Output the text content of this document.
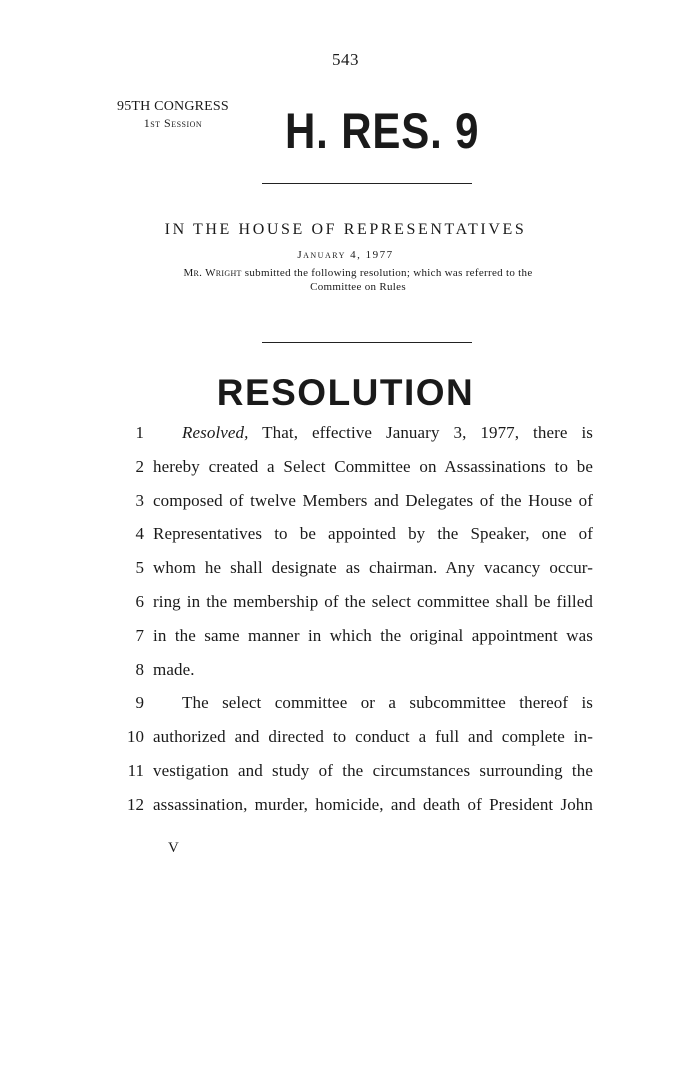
543
95TH CONGRESS
1st Session	H. RES. 9
IN THE HOUSE OF REPRESENTATIVES
January 4, 1977
Mr. Wright submitted the following resolution; which was referred to the
Committee on Rules
RESOLUTION
1 Resolved, That, effective January 3, 1977, there is
2 hereby created a Select Committee on Assassinations to be
3 composed of twelve Members and Delegates of the House of
4 Representatives to be appointed by the Speaker, one of
5 whom he shall designate as chairman. Any vacancy occur-
6 ring in the membership of the select committee shall be filled
7 in the same manner in which the original appointment was
8 made.
9 The select committee or a subcommittee thereof is
10 authorized and directed to conduct a full and complete in-
11 vestigation and study of the circumstances surrounding the
12 assassination, murder, homicide, and death of President John
V
